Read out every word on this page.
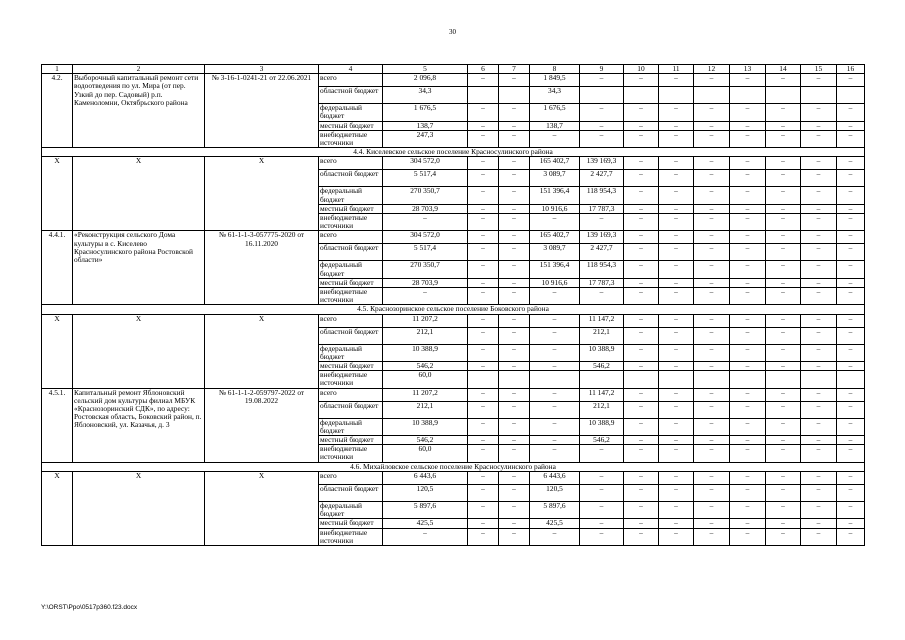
30
1	2	3	4	5	6	7	8	9	10	11	12	13	14	15	16
4.2.	Выборочный капитальный ремонт сети водоотведения по ул. Мира (от пер. Узкий до пер. Садовый) р.п. Каменоломни, Октябрьского района	№ 3-16-1-0241-21 от 22.06.2021	всего	2 096,8	–	–	1 849,5	–	–	–	–	–	–	–	–
			областной бюджет	34,3			34,3								
			федеральный бюджет	1 676,5	–	–	1 676,5	–	–	–	–	–	–	–	–
			местный бюджет	138,7	–	–	138,7	–	–	–	–	–	–	–	–
			внебюджетные источники	247,3	–	–	–	–	–	–	–	–	–	–	–
4.4. Киселевское сельское поселение Красносулинского района															
X	X	X	всего	304 572,0	–	–	165 402,7	139 169,3	–	–	–	–	–	–	–
			областной бюджет	5 517,4	–	–	3 089,7	2 427,7	–	–	–	–	–	–	–
			федеральный бюджет	270 350,7	–	–	151 396,4	118 954,3	–	–	–	–	–	–	–
			местный бюджет	28 703,9	–	–	10 916,6	17 787,3	–	–	–	–	–	–	–
			внебюджетные источники	–	–	–	–	–	–	–	–	–	–	–	–
4.4.1.	«Реконструкция сельского Дома культуры в с. Киселево Красносулинского района Ростовской области»	№ 61-1-1-3-057775-2020 от 16.11.2020	всего	304 572,0	–	–	165 402,7	139 169,3	–	–	–	–	–	–	–
			областной бюджет	5 517,4	–	–	3 089,7	2 427,7	–	–	–	–	–	–	–
			федеральный бюджет	270 350,7	–	–	151 396,4	118 954,3	–	–	–	–	–	–	–
			местный бюджет	28 703,9	–	–	10 916,6	17 787,3	–	–	–	–	–	–	–
			внебюджетные источники	–	–	–	–	–	–	–	–	–	–	–	–
4.5. Краснозоринское сельское поселение Боковского района															
X	X	X	всего	11 207,2	–	–	–	11 147,2	–	–	–	–	–	–	–
			областной бюджет	212,1	–	–	–	212,1	–	–	–	–	–	–	–
			федеральный бюджет	10 388,9	–	–	–	10 388,9	–	–	–	–	–	–	–
			местный бюджет	546,2	–	–	–	546,2	–	–	–	–	–	–	–
			внебюджетные источники	60,0											
4.5.1.	Капитальный ремонт Яблоновский сельский дом культуры филиал МБУК «Краснозоринский СДК», по адресу: Ростовская область, Боковский район, п. Яблоновский, ул. Казачья, д. 3	№ 61-1-1-2-059797-2022 от 19.08.2022	всего	11 207,2	–	–	–	11 147,2	–	–	–	–	–	–	–
			областной бюджет	212,1	–	–	–	212,1	–	–	–	–	–	–	–
			федеральный бюджет	10 388,9	–	–	–	10 388,9	–	–	–	–	–	–	–
			местный бюджет	546,2	–	–	–	546,2	–	–	–	–	–	–	–
			внебюджетные источники	60,0	–	–	–	–	–	–	–	–	–	–	–
4.6. Михайловское сельское поселение Красносулинского района															
X	X	X	всего	6 443,6	–	–	6 443,6	–	–	–	–	–	–	–	–
			областной бюджет	120,5	–	–	120,5	–	–	–	–	–	–	–	–
			федеральный бюджет	5 897,6	–	–	5 897,6	–	–	–	–	–	–	–	–
			местный бюджет	425,5	–	–	425,5	–	–	–	–	–	–	–	–
			внебюджетные источники	–	–	–	–	–	–	–	–	–	–	–	–
Y:\ORST\Ppo\0517p360.f23.docx
